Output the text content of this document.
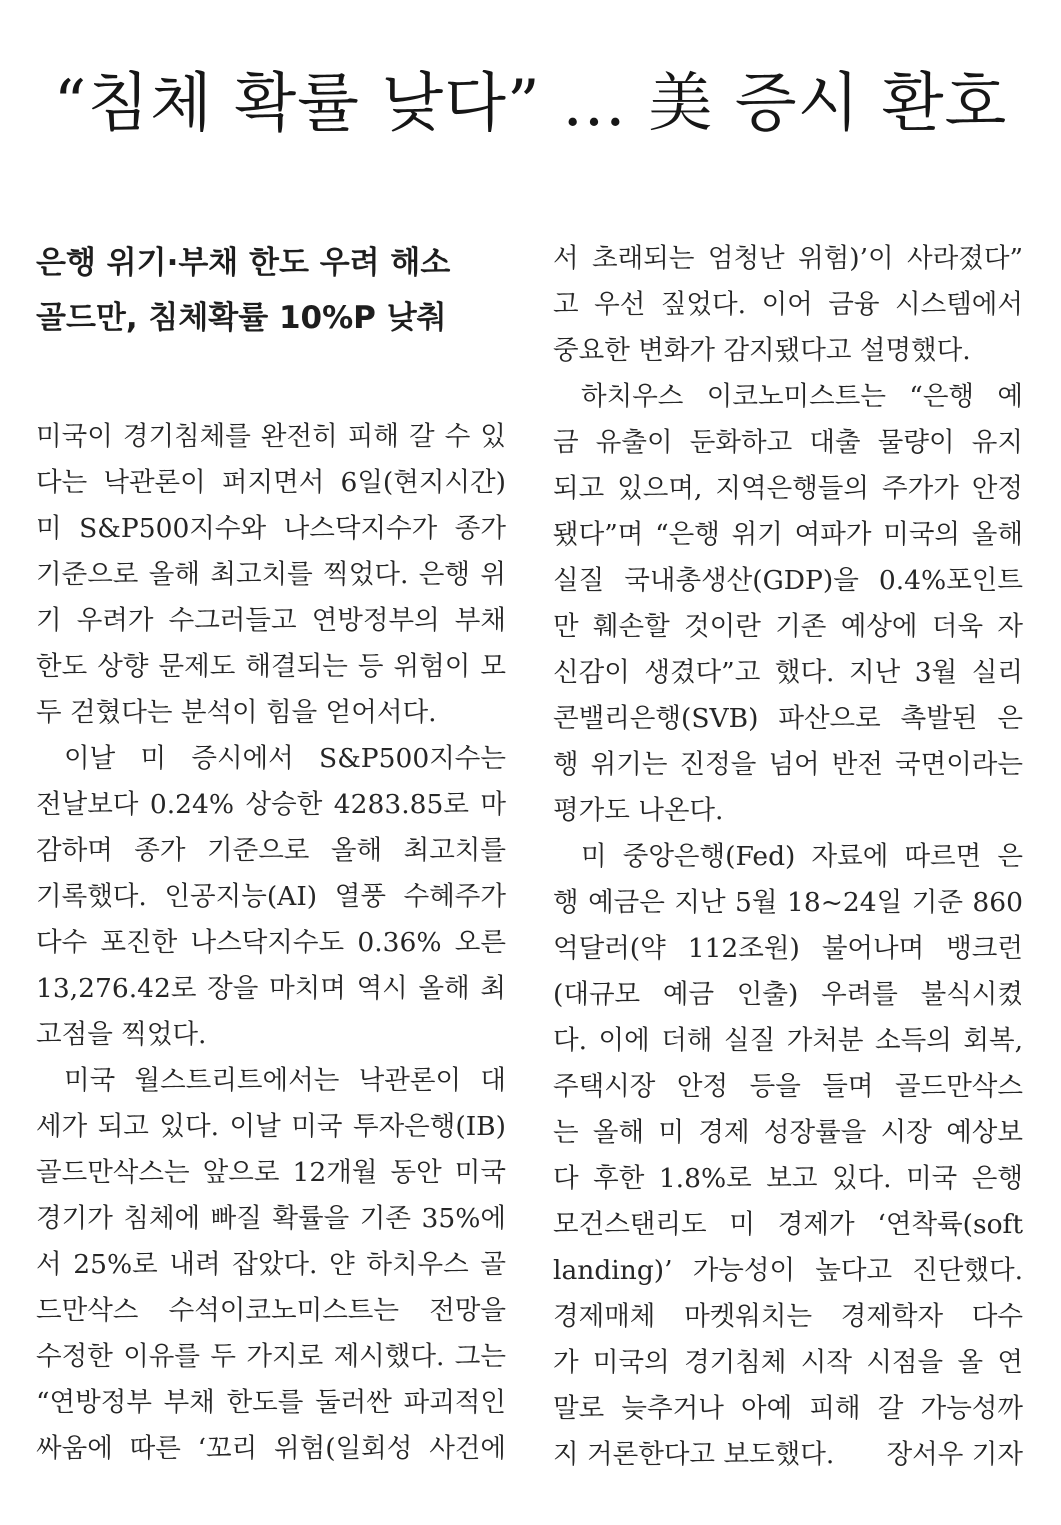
“침체 확률 낮다” … 美 증시 환호
은행 위기·부채 한도 우려 해소
골드만, 침체확률 10%P 낮춰
미국이 경기침체를 완전히 피해 갈 수 있
다는 낙관론이 퍼지면서 6일(현지시간)
미 S&P500지수와 나스닥지수가 종가
기준으로 올해 최고치를 찍었다. 은행 위
기 우려가 수그러들고 연방정부의 부채
한도 상향 문제도 해결되는 등 위험이 모
두 걷혔다는 분석이 힘을 얻어서다.
이날 미 증시에서 S&P500지수는
전날보다 0.24% 상승한 4283.85로 마
감하며 종가 기준으로 올해 최고치를
기록했다. 인공지능(AI) 열풍 수혜주가
다수 포진한 나스닥지수도 0.36% 오른
13,276.42로 장을 마치며 역시 올해 최
고점을 찍었다.
미국 월스트리트에서는 낙관론이 대
세가 되고 있다. 이날 미국 투자은행(IB)
골드만삭스는 앞으로 12개월 동안 미국
경기가 침체에 빠질 확률을 기존 35%에
서 25%로 내려 잡았다. 얀 하치우스 골
드만삭스 수석이코노미스트는 전망을
수정한 이유를 두 가지로 제시했다. 그는
“연방정부 부채 한도를 둘러싼 파괴적인
싸움에 따른 ‘꼬리 위험(일회성 사건에
서 초래되는 엄청난 위험)’이 사라졌다”
고 우선 짚었다. 이어 금융 시스템에서
중요한 변화가 감지됐다고 설명했다.
하치우스 이코노미스트는 “은행 예
금 유출이 둔화하고 대출 물량이 유지
되고 있으며, 지역은행들의 주가가 안정
됐다”며 “은행 위기 여파가 미국의 올해
실질 국내총생산(GDP)을 0.4%포인트
만 훼손할 것이란 기존 예상에 더욱 자
신감이 생겼다”고 했다. 지난 3월 실리
콘밸리은행(SVB) 파산으로 촉발된 은
행 위기는 진정을 넘어 반전 국면이라는
평가도 나온다.
미 중앙은행(Fed) 자료에 따르면 은
행 예금은 지난 5월 18~24일 기준 860
억달러(약 112조원) 불어나며 뱅크런
(대규모 예금 인출) 우려를 불식시켰
다. 이에 더해 실질 가처분 소득의 회복,
주택시장 안정 등을 들며 골드만삭스
는 올해 미 경제 성장률을 시장 예상보
다 후한 1.8%로 보고 있다. 미국 은행
모건스탠리도 미 경제가 ‘연착륙(soft
landing)’ 가능성이 높다고 진단했다.
경제매체 마켓워치는 경제학자 다수
가 미국의 경기침체 시작 시점을 올 연
말로 늦추거나 아예 피해 갈 가능성까
지 거론한다고 보도했다. 장서우 기자
